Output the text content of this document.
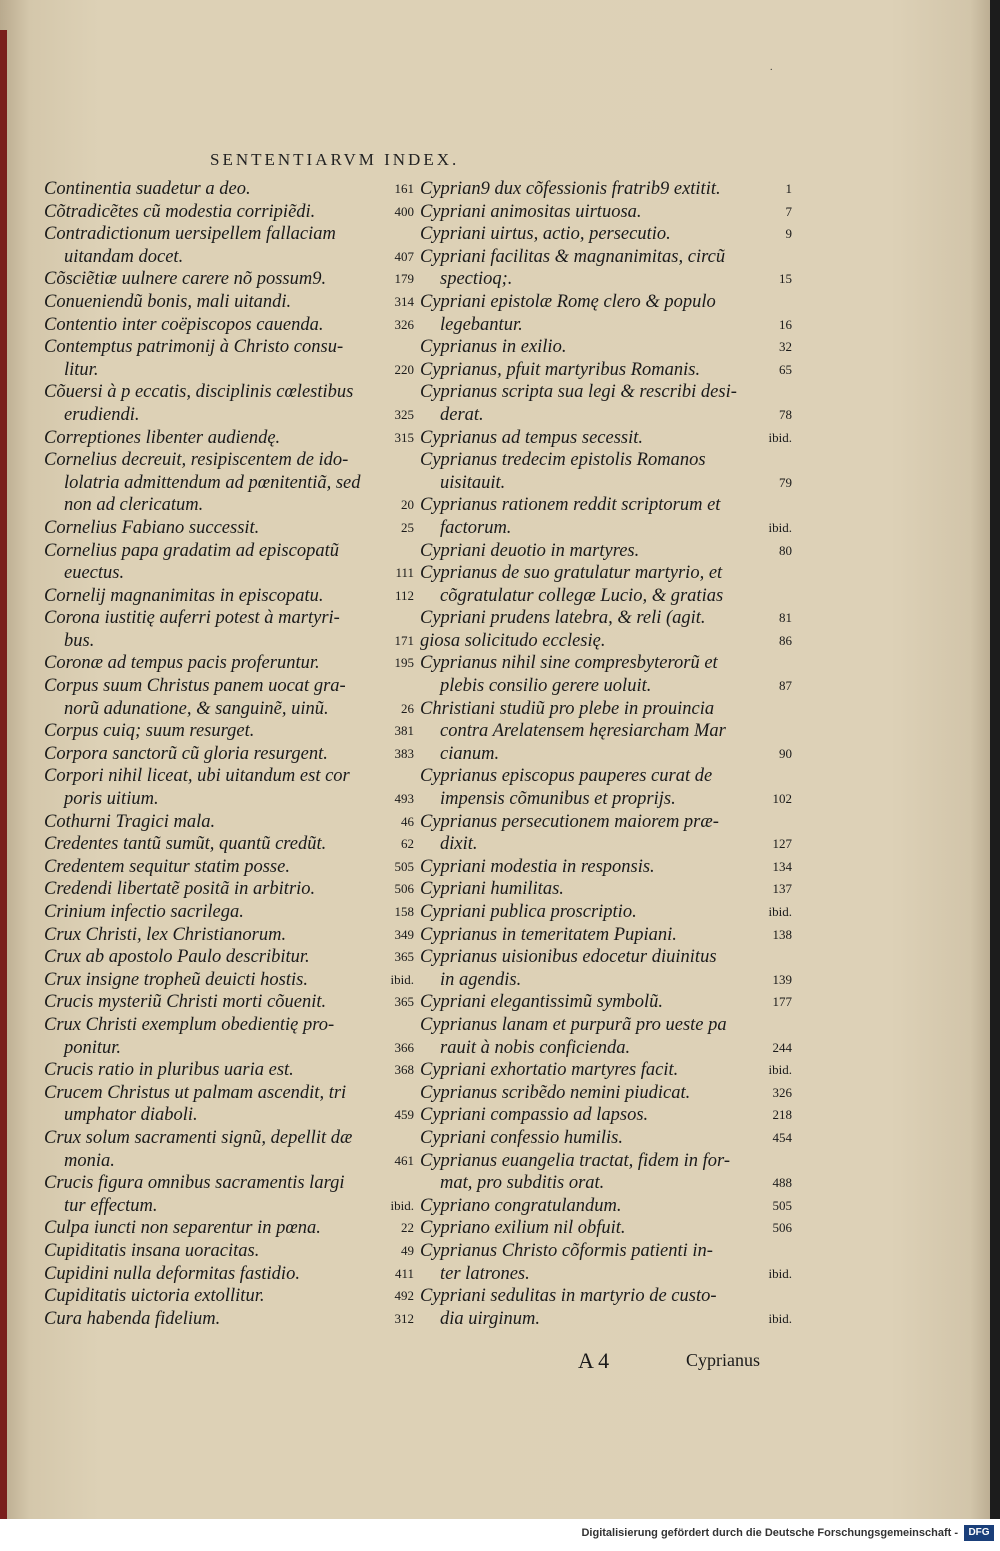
.
SENTENTIARVM INDEX.
Continentia suadetur a deo.	161
Cõtradicẽtes cũ modestia corripiẽdi.	400
Contradictionum uersipellem fallaciam
uitandam docet.	407
Cõsciẽtiæ uulnere carere nõ possum9.	179
Conueniendũ bonis, mali uitandi.	314
Contentio inter coëpiscopos cauenda.	326
Contemptus patrimonij à Christo consu-
litur.	220
Cõuersi à p eccatis, disciplinis cœlestibus
erudiendi.	325
Correptiones libenter audiendę.	315
Cornelius decreuit, resipiscentem de ido-
lolatria admittendum ad pœnitentiã, sed non ad clericatum.	20
Cornelius Fabiano successit.	25
Cornelius papa gradatim ad episcopatũ
euectus.	111
Cornelij magnanimitas in episcopatu.	112
Corona iustitię auferri potest à martyri-
bus.	171
Coronæ ad tempus pacis proferuntur.	195
Corpus suum Christus panem uocat gra-
norũ adunatione, & sanguinẽ, uinũ.	26
Corpus cuiq; suum resurget.	381
Corpora sanctorũ cũ gloria resurgent.	383
Corpori nihil liceat, ubi uitandum est cor
poris uitium.	493
Cothurni Tragici mala.	46
Credentes tantũ sumũt, quantũ credũt.	62
Credentem sequitur statim posse.	505
Credendi libertatẽ positã in arbitrio.	506
Crinium infectio sacrilega.	158
Crux Christi, lex Christianorum.	349
Crux ab apostolo Paulo describitur.	365
Crux insigne tropheũ deuicti hostis.	ibid.
Crucis mysteriũ Christi morti cõuenit.	365
Crux Christi exemplum obedientię pro-
ponitur.	366
Crucis ratio in pluribus uaria est.	368
Crucem Christus ut palmam ascendit, tri
umphator diaboli.	459
Crux solum sacramenti signũ, depellit dæ
monia.	461
Crucis figura omnibus sacramentis largi
tur effectum.	ibid.
Culpa iuncti non separentur in pœna.	22
Cupiditatis insana uoracitas.	49
Cupidini nulla deformitas fastidio.	411
Cupiditatis uictoria extollitur.	492
Cura habenda fidelium.	312
Cyprian9 dux cõfessionis fratrib9 extitit.	1
Cypriani animositas uirtuosa.	7
Cypriani uirtus, actio, persecutio.	9
Cypriani facilitas & magnanimitas, circũ
spectioq;.	15
Cypriani epistolæ Romę clero & populo
legebantur.	16
Cyprianus in exilio.	32
Cyprianus, pfuit martyribus Romanis.	65
Cyprianus scripta sua legi & rescribi desi-
derat.	78
Cyprianus ad tempus secessit.	ibid.
Cyprianus tredecim epistolis Romanos
uisitauit.	79
Cyprianus rationem reddit scriptorum et
factorum.	ibid.
Cypriani deuotio in martyres.	80
Cyprianus de suo gratulatur martyrio, et
cõgratulatur collegæ Lucio, & gratias
Cypriani prudens latebra, & reli (agit.	81
giosa solicitudo ecclesię.	86
Cyprianus nihil sine compresbyterorũ et
plebis consilio gerere uoluit.	87
Christiani studiũ pro plebe in prouincia
contra Arelatensem hęresiarcham Mar cianum.	90
Cyprianus episcopus pauperes curat de
impensis cõmunibus et proprijs.	102
Cyprianus persecutionem maiorem præ-
dixit.	127
Cypriani modestia in responsis.	134
Cypriani humilitas.	137
Cypriani publica proscriptio.	ibid.
Cyprianus in temeritatem Pupiani.	138
Cyprianus uisionibus edocetur diuinitus
in agendis.	139
Cypriani elegantissimũ symbolũ.	177
Cyprianus lanam et purpurã pro ueste pa
rauit à nobis conficienda.	244
Cypriani exhortatio martyres facit.	ibid.
Cyprianus scribẽdo nemini piudicat.	326
Cypriani compassio ad lapsos.	218
Cypriani confessio humilis.	454
Cyprianus euangelia tractat, fidem in for-
mat, pro subditis orat.	488
Cypriano congratulandum.	505
Cypriano exilium nil obfuit.	506
Cyprianus Christo cõformis patienti in-
ter latrones.	ibid.
Cypriani sedulitas in martyrio de custo-
dia uirginum.	ibid.
A 4	Cyprianus
Digitalisierung gefördert durch die Deutsche Forschungsgemeinschaft -	DFG
